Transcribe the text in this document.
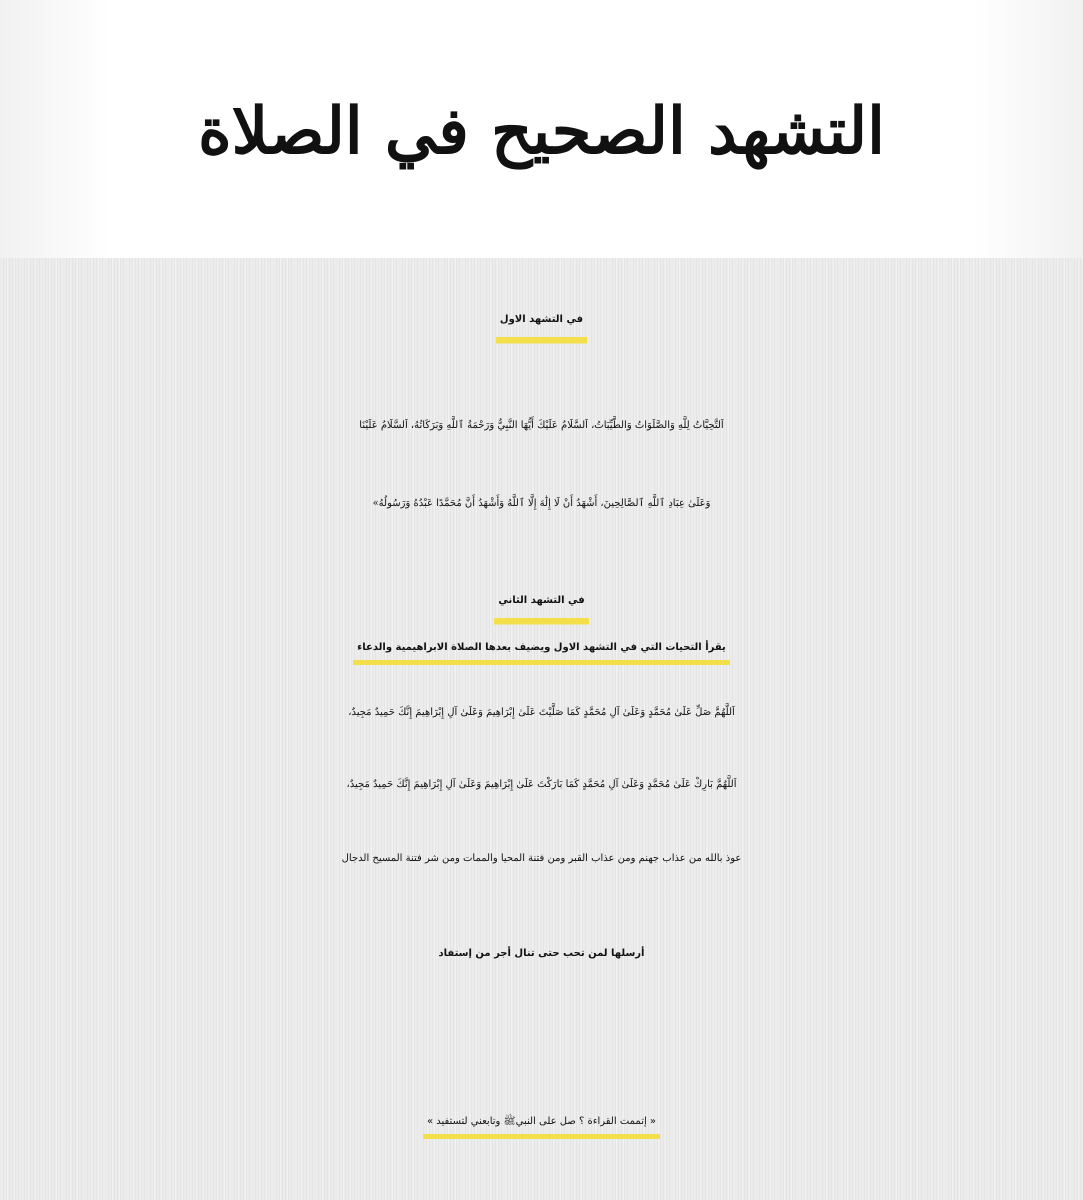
التشهد الصحيح في الصلاة
في التشهد الاول
اَلتَّحِيَّاتُ لِلَّهِ وَالصَّلَوَاتُ وَالطَّيِّبَاتُ، اَلسَّلَامُ عَلَيْكَ أَيُّهَا النَّبِيُّ وَرَحْمَةُ ٱللَّهِ وَبَرَكَاتُهُ، اَلسَّلَامُ عَلَيْنَا
وَعَلَىٰ عِبَادِ ٱللَّهِ ٱلصَّالِحِينَ، أَشْهَدُ أَنْ لَا إِلَٰهَ إِلَّا ٱللَّهُ وَأَشْهَدُ أَنَّ مُحَمَّدًا عَبْدُهُ وَرَسُولُهُ»
في التشهد الثاني
يقرأ التحيات التي في التشهد الاول ويضيف بعدها الصلاة الابراهيمية والدعاء
اَللَّهُمَّ صَلِّ عَلَىٰ مُحَمَّدٍ وَعَلَىٰ آلِ مُحَمَّدٍ كَمَا صَلَّيْتَ عَلَىٰ إِبْرَاهِيمَ وَعَلَىٰ آلِ إِبْرَاهِيمَ إِنَّكَ حَمِيدٌ مَجِيدٌ،
اَللَّهُمَّ بَارِكْ عَلَىٰ مُحَمَّدٍ وَعَلَىٰ آلِ مُحَمَّدٍ كَمَا بَارَكْتَ عَلَىٰ إِبْرَاهِيمَ وَعَلَىٰ آلِ إِبْرَاهِيمَ إِنَّكَ حَمِيدٌ مَجِيدٌ،
عوذ بالله من عذاب جهنم ومن عذاب القبر ومن فتنة المحيا والممات ومن شر فتنة المسيح الدجال
أرسلها لمن تحب حتى تنال أجر من إستفاد
« إتممت القراءة ؟ صل على النبيﷺ وتابعني لتستفيد »
